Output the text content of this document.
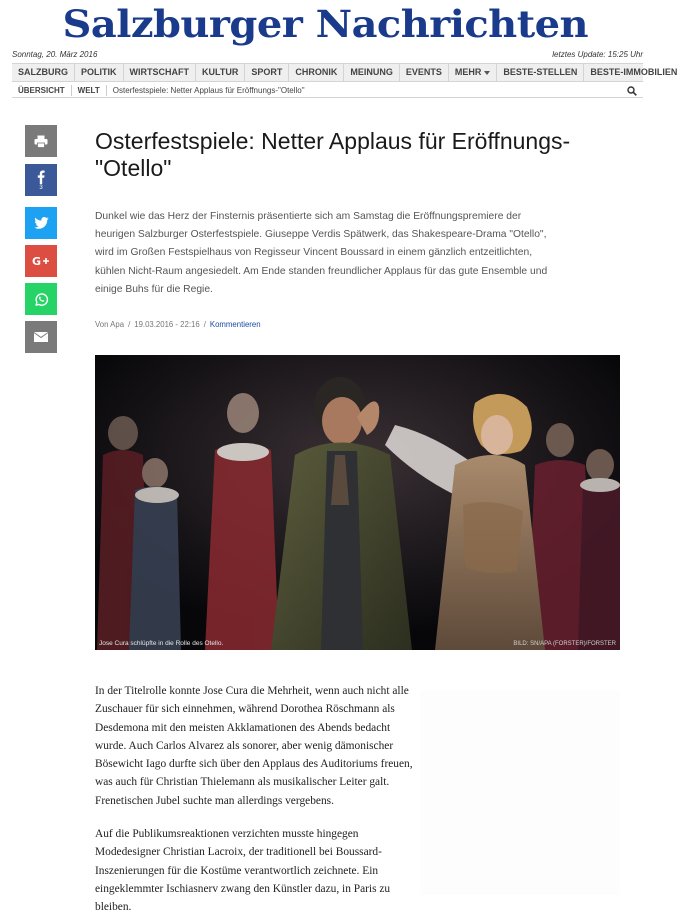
Salzburger Nachrichten
Sonntag, 20. März 2016	letztes Update: 15:25 Uhr
SALZBURG	POLITIK	WIRTSCHAFT	KULTUR	SPORT	CHRONIK	MEINUNG	EVENTS	MEHR	BESTE-STELLEN	BESTE-IMMOBILIEN
ÜBERSICHT	WELT	Osterfestspiele: Netter Applaus für Eröffnungs-"Otello"
3
G
Osterfestspiele: Netter Applaus für Eröffnungs-"Otello"

Dunkel wie das Herz der Finsternis präsentierte sich am Samstag die Eröffnungspremiere der heurigen Salzburger Osterfestspiele. Giuseppe Verdis Spätwerk, das Shakespeare-Drama "Otello", wird im Großen Festspielhaus von Regisseur Vincent Boussard in einem gänzlich entzeitlichten, kühlen Nicht-Raum angesiedelt. Am Ende standen freundlicher Applaus für das gute Ensemble und einige Buhs für die Regie.

Von Apa / 19.03.2016 - 22:16 / Kommentieren
Jose Cura schlüpfte in die Rolle des Otello.	BILD: SN/APA (FORSTER)/FORSTER

In der Titelrolle konnte Jose Cura die Mehrheit, wenn auch nicht alle Zuschauer für sich einnehmen, während Dorothea Röschmann als Desdemona mit den meisten Akklamationen des Abends bedacht wurde. Auch Carlos Alvarez als sonorer, aber wenig dämonischer Bösewicht Iago durfte sich über den Applaus des Auditoriums freuen, was auch für Christian Thielemann als musikalischer Leiter galt. Frenetischen Jubel suchte man allerdings vergebens.

Auf die Publikumsreaktionen verzichten musste hingegen Modedesigner Christian Lacroix, der traditionell bei Boussard-Inszenierungen für die Kostüme verantwortlich zeichnete. Ein eingeklemmter Ischiasnerv zwang den Künstler dazu, in Paris zu bleiben.
